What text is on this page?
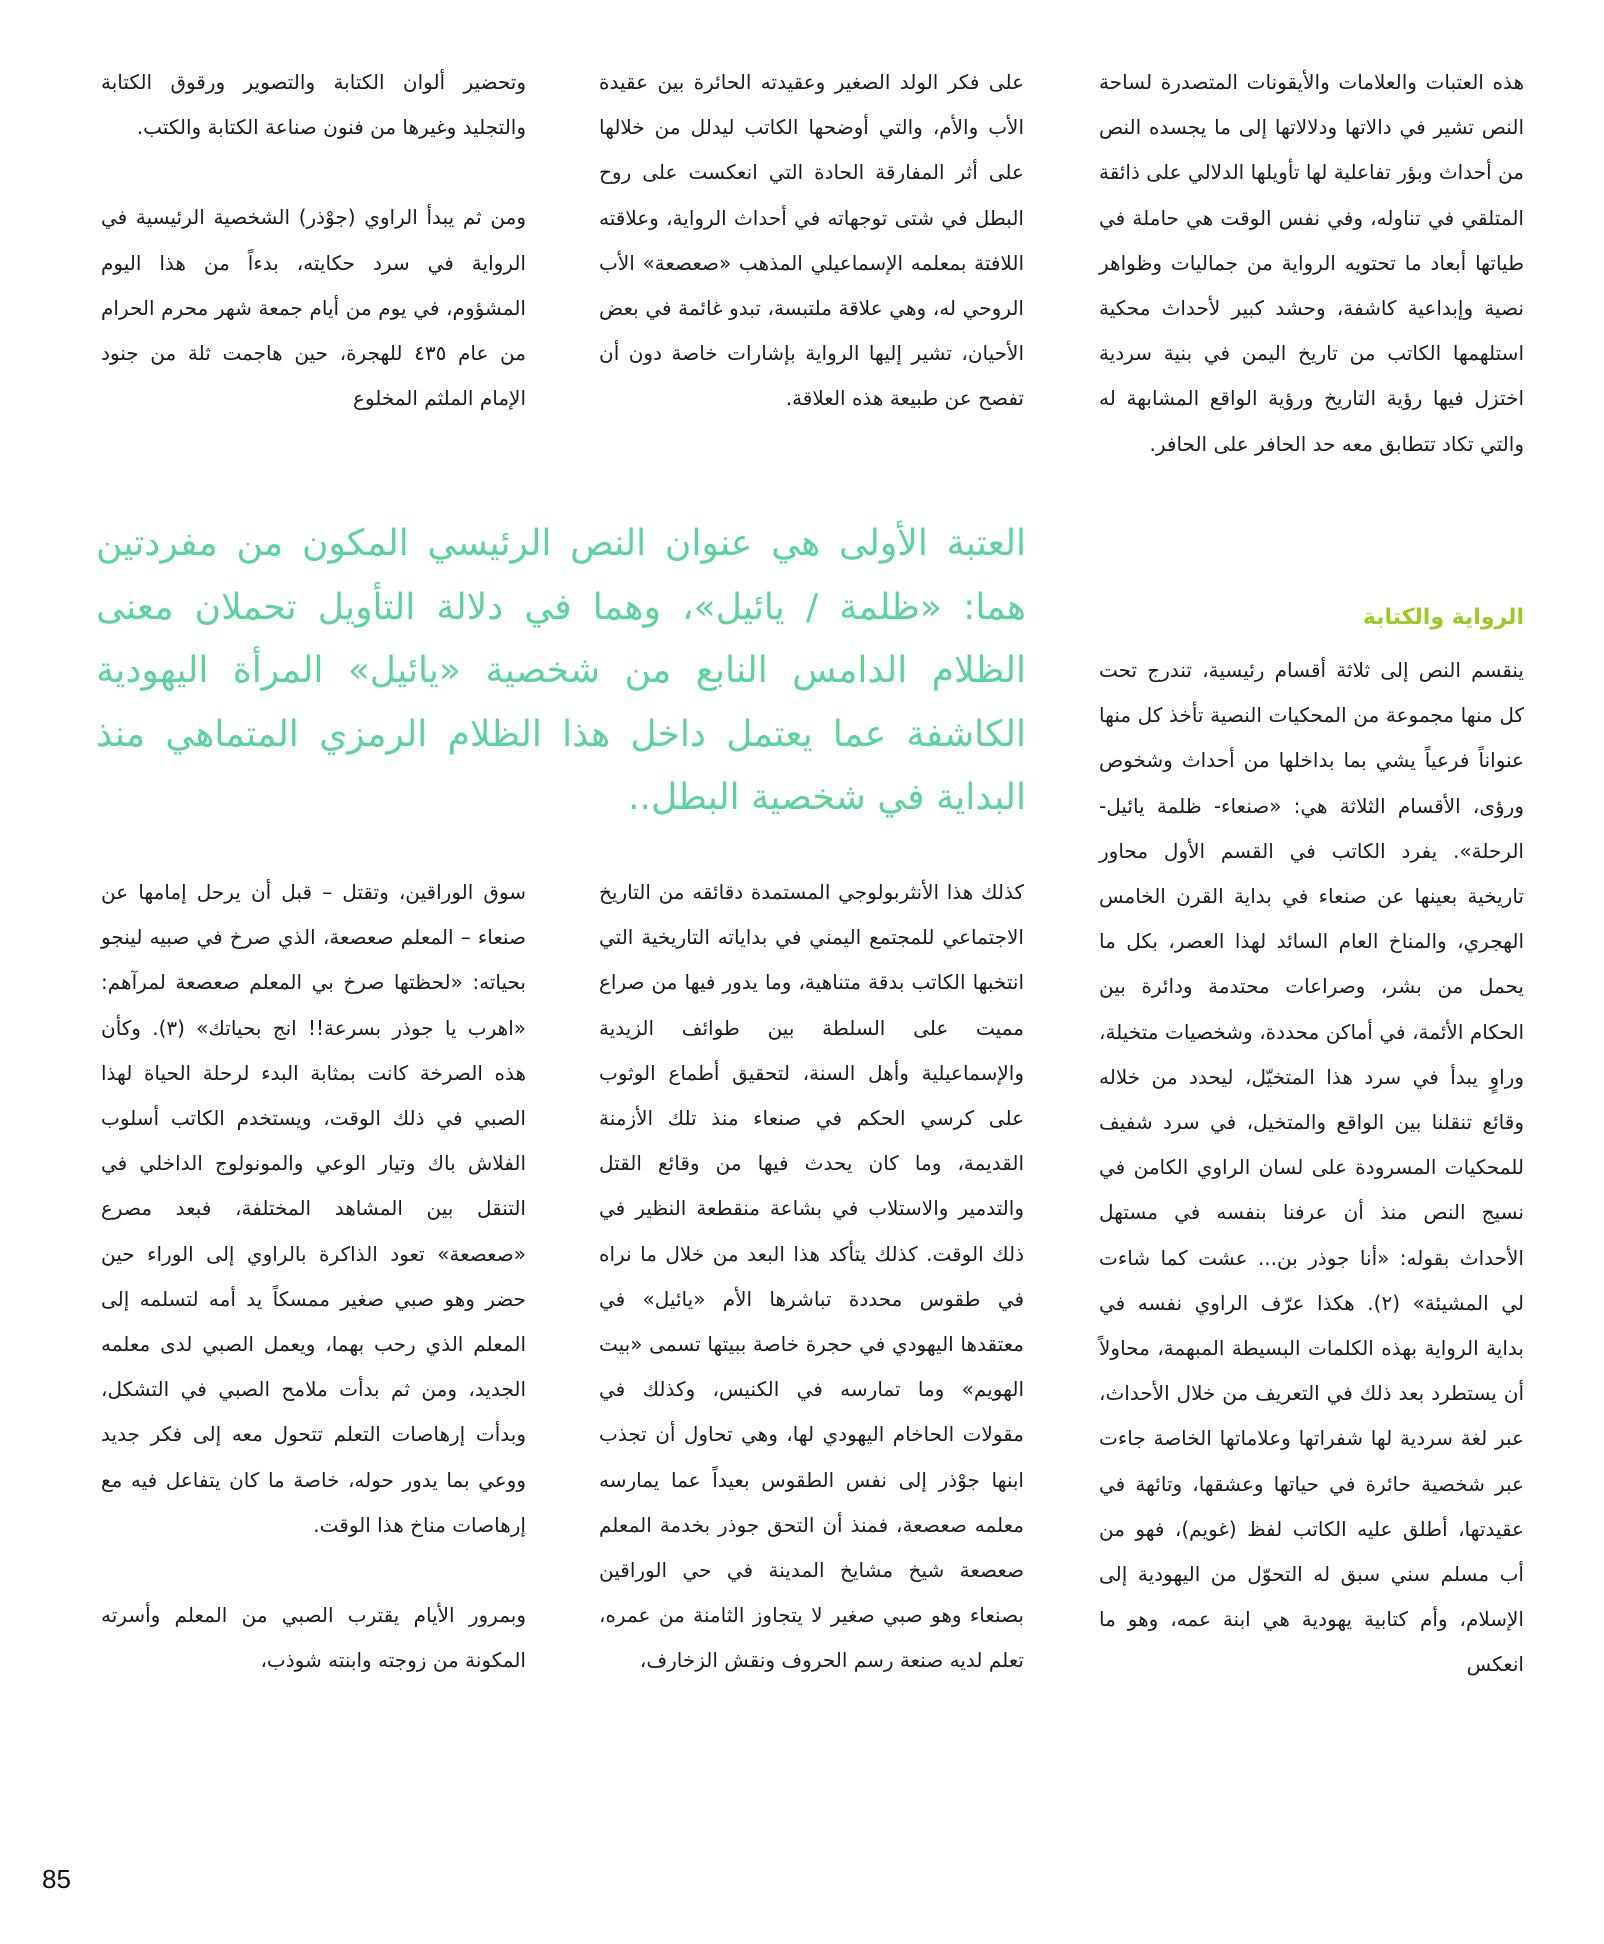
هذه العتبات والعلامات والأيقونات المتصدرة لساحة النص تشير في دالاتها ودلالاتها إلى ما يجسده النص من أحداث وبؤر تفاعلية لها تأويلها الدلالي على ذائقة المتلقي في تناوله، وفي نفس الوقت هي حاملة في طياتها أبعاد ما تحتويه الرواية من جماليات وظواهر نصية وإبداعية كاشفة، وحشد كبير لأحداث محكية استلهمها الكاتب من تاريخ اليمن في بنية سردية اختزل فيها رؤية التاريخ ورؤية الواقع المشابهة له والتي تكاد تتطابق معه حد الحافر على الحافر.

على فكر الولد الصغير وعقيدته الحائرة بين عقيدة الأب والأم، والتي أوضحها الكاتب ليدلل من خلالها على أثر المفارقة الحادة التي انعكست على روح البطل في شتى توجهاته في أحداث الرواية، وعلاقته اللافتة بمعلمه الإسماعيلي المذهب «صعصعة» الأب الروحي له، وهي علاقة ملتبسة، تبدو غائمة في بعض الأحيان، تشير إليها الرواية بإشارات خاصة دون أن تفصح عن طبيعة هذه العلاقة.

وتحضير ألوان الكتابة والتصوير ورقوق الكتابة والتجليد وغيرها من فنون صناعة الكتابة والكتب.

ومن ثم يبدأ الراوي (جوْذر) الشخصية الرئيسية في الرواية في سرد حكايته، بدءاً من هذا اليوم المشؤوم، في يوم من أيام جمعة شهر محرم الحرام من عام ٤٣٥ للهجرة، حين هاجمت ثلة من جنود الإمام الملثم المخلوع

العتبة الأولى هي عنوان النص الرئيسي المكون من مفردتين هما: «ظلمة / يائيل»، وهما في دلالة التأويل تحملان معنى الظلام الدامس النابع من شخصية «يائيل» المرأة اليهودية الكاشفة عما يعتمل داخل هذا الظلام الرمزي المتماهي منذ البداية في شخصية البطل..
الرواية والكتابة

ينقسم النص إلى ثلاثة أقسام رئيسية، تندرج تحت كل منها مجموعة من المحكيات النصية تأخذ كل منها عنواناً فرعياً يشي بما بداخلها من أحداث وشخوص ورؤى، الأقسام الثلاثة هي: «صنعاء- ظلمة يائيل- الرحلة». يفرد الكاتب في القسم الأول محاور تاريخية بعينها عن صنعاء في بداية القرن الخامس الهجري، والمناخ العام السائد لهذا العصر، بكل ما يحمل من بشر، وصراعات محتدمة ودائرة بين الحكام الأئمة، في أماكن محددة، وشخصيات متخيلة، وراوٍ يبدأ في سرد هذا المتخيّل، ليحدد من خلاله وقائع تنقلنا بين الواقع والمتخيل، في سرد شفيف للمحكيات المسرودة على لسان الراوي الكامن في نسيج النص منذ أن عرفنا بنفسه في مستهل الأحداث بقوله: «أنا جوذر بن... عشت كما شاءت لي المشيئة» (٢). هكذا عرّف الراوي نفسه في بداية الرواية بهذه الكلمات البسيطة المبهمة، محاولاً أن يستطرد بعد ذلك في التعريف من خلال الأحداث، عبر لغة سردية لها شفراتها وعلاماتها الخاصة جاءت عبر شخصية حائرة في حياتها وعشقها، وتائهة في عقيدتها، أطلق عليه الكاتب لفظ (غويم)، فهو من أب مسلم سني سبق له التحوّل من اليهودية إلى الإسلام، وأم كتابية يهودية هي ابنة عمه، وهو ما انعكس

كذلك هذا الأنثربولوجي المستمدة دقائقه من التاريخ الاجتماعي للمجتمع اليمني في بداياته التاريخية التي انتخبها الكاتب بدقة متناهية، وما يدور فيها من صراع مميت على السلطة بين طوائف الزيدية والإسماعيلية وأهل السنة، لتحقيق أطماع الوثوب على كرسي الحكم في صنعاء منذ تلك الأزمنة القديمة، وما كان يحدث فيها من وقائع القتل والتدمير والاستلاب في بشاعة منقطعة النظير في ذلك الوقت. كذلك يتأكد هذا البعد من خلال ما نراه في طقوس محددة تباشرها الأم «يائيل» في معتقدها اليهودي في حجرة خاصة ببيتها تسمى «بيت الهويم» وما تمارسه في الكنيس، وكذلك في مقولات الحاخام اليهودي لها، وهي تحاول أن تجذب ابنها جوْذر إلى نفس الطقوس بعيداً عما يمارسه معلمه صعصعة، فمنذ أن التحق جوذر بخدمة المعلم صعصعة شيخ مشايخ المدينة في حي الوراقين بصنعاء وهو صبي صغير لا يتجاوز الثامنة من عمره، تعلم لديه صنعة رسم الحروف ونقش الزخارف،

سوق الوراقين، وتقتل – قبل أن يرحل إمامها عن صنعاء – المعلم صعصعة، الذي صرخ في صبيه لينجو بحياته: «لحظتها صرخ بي المعلم صعصعة لمرآهم: «اهرب يا جوذر بسرعة!! انج بحياتك» (٣). وكأن هذه الصرخة كانت بمثابة البدء لرحلة الحياة لهذا الصبي في ذلك الوقت، ويستخدم الكاتب أسلوب الفلاش باك وتيار الوعي والمونولوج الداخلي في التنقل بين المشاهد المختلفة، فبعد مصرع «صعصعة» تعود الذاكرة بالراوي إلى الوراء حين حضر وهو صبي صغير ممسكاً يد أمه لتسلمه إلى المعلم الذي رحب بهما، ويعمل الصبي لدى معلمه الجديد، ومن ثم بدأت ملامح الصبي في التشكل، وبدأت إرهاصات التعلم تتحول معه إلى فكر جديد ووعي بما يدور حوله، خاصة ما كان يتفاعل فيه مع إرهاصات مناخ هذا الوقت.

وبمرور الأيام يقترب الصبي من المعلم وأسرته المكونة من زوجته وابنته شوذب،

85
